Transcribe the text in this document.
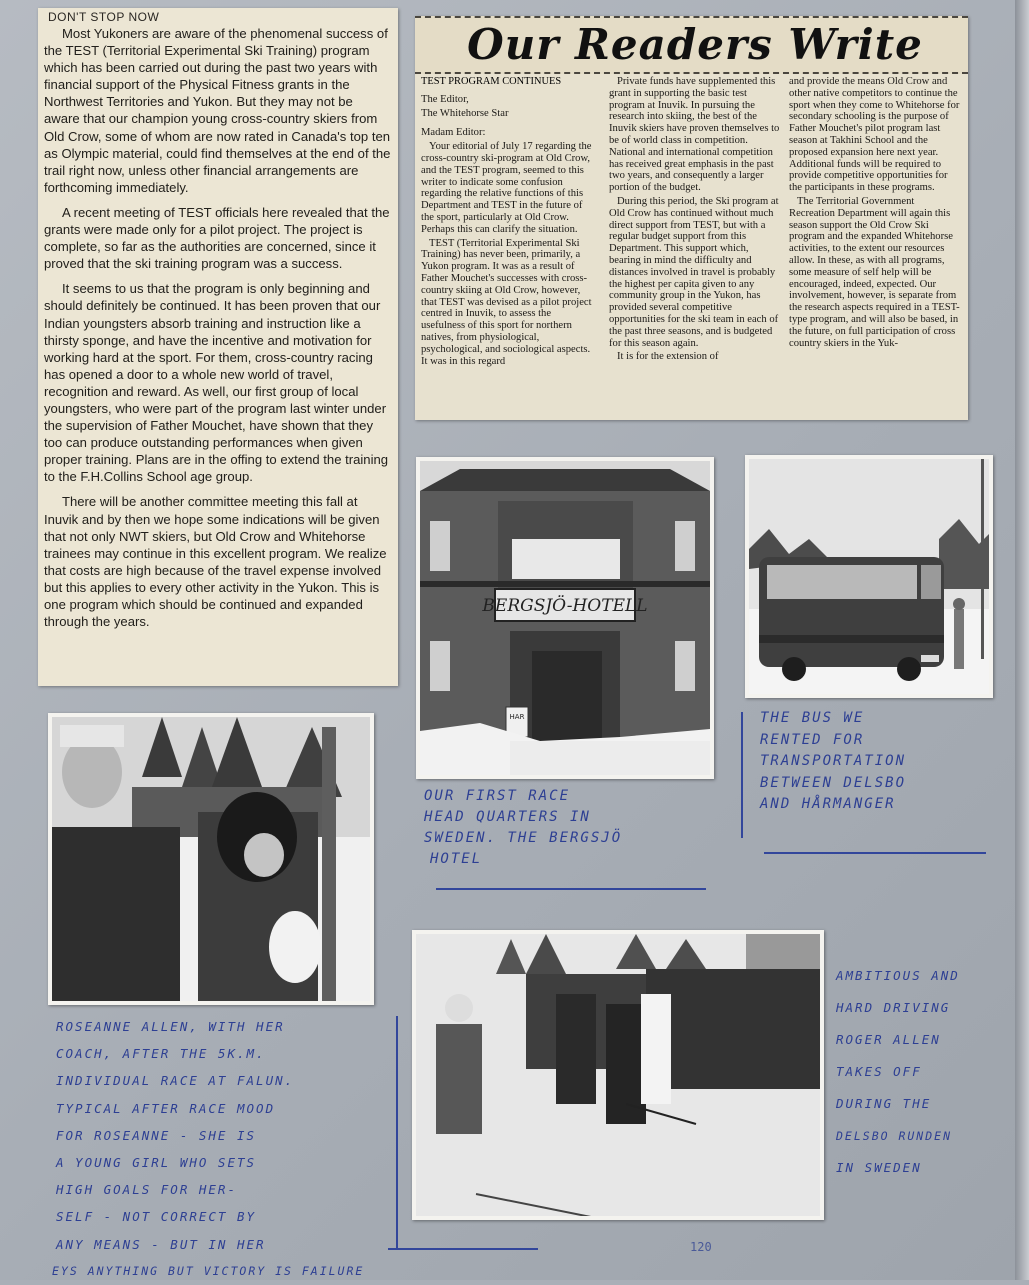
DON'T STOP NOW

Most Yukoners are aware of the phenomenal success of the TEST (Territorial Experimental Ski Training) program which has been carried out during the past two years with financial support of the Physical Fitness grants in the Northwest Territories and Yukon. But they may not be aware that our champion young cross-country skiers from Old Crow, some of whom are now rated in Canada's top ten as Olympic material, could find themselves at the end of the trail right now, unless other financial arrangements are forthcoming immediately.

A recent meeting of TEST officials here revealed that the grants were made only for a pilot project. The project is complete, so far as the authorities are concerned, since it proved that the ski training program was a success.

It seems to us that the program is only beginning and should definitely be continued. It has been proven that our Indian youngsters absorb training and instruction like a thirsty sponge, and have the incentive and motivation for working hard at the sport. For them, cross-country racing has opened a door to a whole new world of travel, recognition and reward. As well, our first group of local youngsters, who were part of the program last winter under the supervision of Father Mouchet, have shown that they too can produce outstanding performances when given proper training. Plans are in the offing to extend the training to the F.H.Collins School age group.

There will be another committee meeting this fall at Inuvik and by then we hope some indications will be given that not only NWT skiers, but Old Crow and Whitehorse trainees may continue in this excellent program. We realize that costs are high because of the travel expense involved but this applies to every other activity in the Yukon. This is one program which should be continued and expanded through the years.

Our Readers Write
TEST PROGRAM CONTINUES

The Editor,

The Whitehorse Star

Madam Editor:

Your editorial of July 17 regarding the cross-country ski-program at Old Crow, and the TEST program, seemed to this writer to indicate some confusion regarding the relative functions of this Department and TEST in the future of the sport, particularly at Old Crow. Perhaps this can clarify the situation.

TEST (Territorial Experimental Ski Training) has never been, primarily, a Yukon program. It was as a result of Father Mouchet's successes with cross-country skiing at Old Crow, however, that TEST was devised as a pilot project centred in Inuvik, to assess the usefulness of this sport for northern natives, from physiological, psychological, and sociological aspects. It was in this regard

Private funds have supplemented this grant in supporting the basic test program at Inuvik. In pursuing the research into skiing, the best of the Inuvik skiers have proven themselves to be of world class in competition. National and international competition has received great emphasis in the past two years, and consequently a larger portion of the budget.

During this period, the Ski program at Old Crow has continued without much direct support from TEST, but with a regular budget support from this Department. This support which, bearing in mind the difficulty and distances involved in travel is probably the highest per capita given to any community group in the Yukon, has provided several competitive opportunities for the ski team in each of the past three seasons, and is budgeted for this season again.

It is for the extension of

and provide the means Old Crow and other native competitors to continue the sport when they come to Whitehorse for secondary schooling is the purpose of Father Mouchet's pilot program last season at Takhini School and the proposed expansion here next year. Additional funds will be required to provide competitive opportunities for the participants in these programs.

The Territorial Government Recreation Department will again this season support the Old Crow Ski program and the expanded Whitehorse activities, to the extent our resources allow. In these, as with all programs, some measure of self help will be encouraged, indeed, expected. Our involvement, however, is separate from the research aspects required in a TEST-type program, and will also be based, in the future, on full participation of cross country skiers in the Yuk-

BERGSJÖ-HOTELL
HAR
OUR FIRST RACE
HEAD QUARTERS IN
SWEDEN. THE BERGSJÖ
HOTEL
THE BUS WE
RENTED FOR
TRANSPORTATION
BETWEEN DELSBO
AND HÅRMANGER
ROSEANNE ALLEN, WITH HER
COACH, AFTER THE 5K.M.
INDIVIDUAL RACE AT FALUN.
TYPICAL AFTER RACE MOOD
FOR ROSEANNE - SHE IS
A YOUNG GIRL WHO SETS
HIGH GOALS FOR HER-
SELF - NOT CORRECT BY
ANY MEANS - BUT IN HER
EYS ANYTHING BUT VICTORY IS FAILURE
AMBITIOUS AND
HARD DRIVING
ROGER ALLEN
TAKES OFF
DURING THE
DELSBO RUNDEN
IN SWEDEN
120
